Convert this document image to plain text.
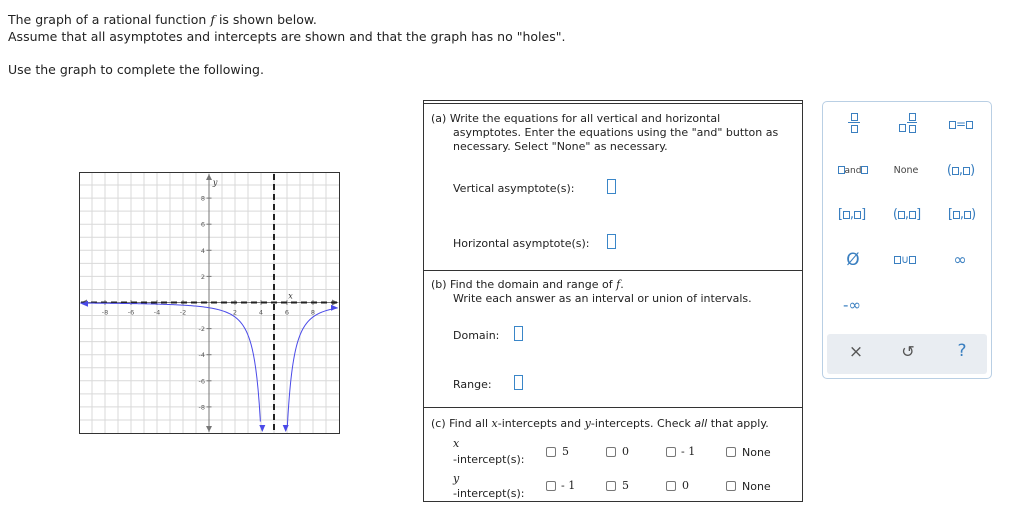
The graph of a rational function f is shown below.
Assume that all asymptotes and intercepts are shown and that the graph has no "holes".
Use the graph to complete the following.
x
y
-8	-6	-4	-2	2	4	6	8
8
6
4
2
-2
-4
-6
-8
(a) Write the equations for all vertical and horizontal
asymptotes. Enter the equations using the "and" button as
necessary. Select "None" as necessary.
Vertical asymptote(s):
Horizontal asymptote(s):
(b) Find the domain and range of f.
Write each answer as an interval or union of intervals.
Domain:
Range:
(c) Find all x-intercepts and y-intercepts. Check all that apply.
x
-intercept(s):
5	0	- 1	None
y
-intercept(s):
- 1	5	0	None
=
and	None	( , )
[ , ]	( , ]	[ , )
Ø	∪	∞
-∞
×	↺	?
